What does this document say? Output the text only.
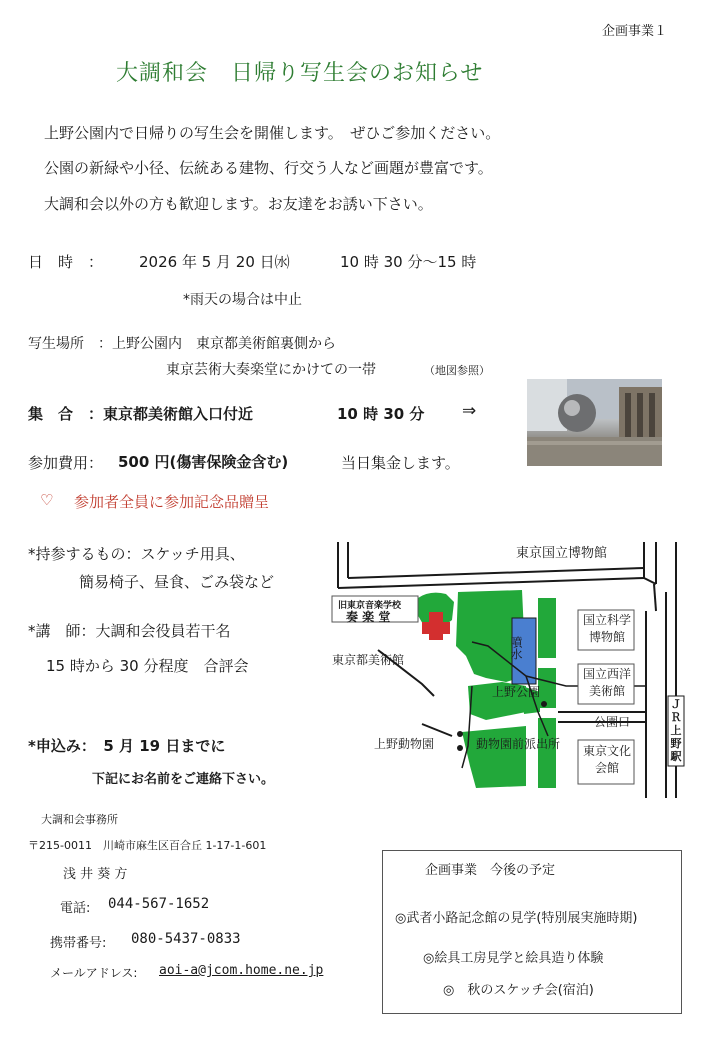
企画事業１
大調和会　日帰り写生会のお知らせ
上野公園内で日帰りの写生会を開催します。　ぜひご参加ください。
公園の新緑や小径、伝統ある建物、行交う人など画題が豊富です。
大調和会以外の方も歓迎します。お友達をお誘い下さい。
日　時　： 2026 年 5 月 20 日㈬	10 時 30 分～15 時
*雨天の場合は中止
写生場所　：上野公園内　東京都美術館裏側から
東京芸術大奏楽堂にかけての一帯	（地図参照）
集　合　：東京都美術館入口付近	10 時 30 分 ⇒
参加費用： 500 円(傷害保険金含む)	当日集金します。
♡ 参加者全員に参加記念品贈呈
*持参するもの：スケッチ用具、
簡易椅子、昼食、ごみ袋など
*講　師：大調和会役員若干名
15 時から 30 分程度　合評会
*申込み：　5 月 19 日までに
下記にお名前をご連絡下さい。
大調和会事務所
〒215-0011　川崎市麻生区百合丘 1-17-1-601
浅 井 葵 方
電話: 044-567-1652
携帯番号: 080-5437-0833
メールアドレス: aoi-a@jcom.home.ne.jp
東京国立博物館
旧東京音楽学校
奏 楽 堂
噴水
東京都美術館
上野公園
上野動物園	動物園前派出所
公園口
国立科学博物館
国立西洋美術館
東京文化会館
ＪＲ上野駅
企画事業　今後の予定
◎武者小路記念館の見学(特別展実施時期)
◎絵具工房見学と絵具造り体験
◎　秋のスケッチ会(宿泊)
